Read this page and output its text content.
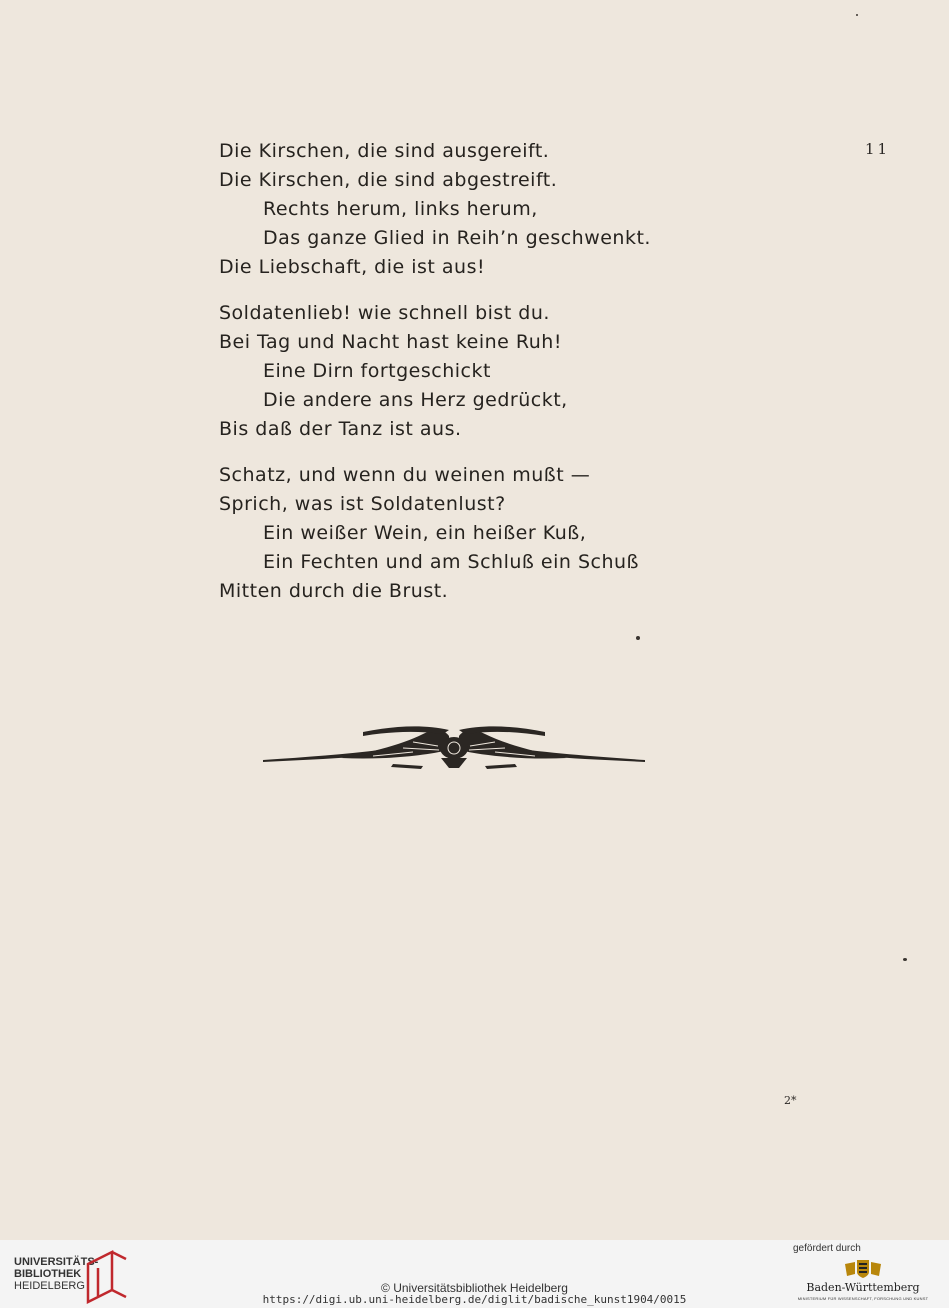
11
Die Kirschen, die sind ausgereift.
Die Kirschen, die sind abgestreift.
Rechts herum, links herum,
Das ganze Glied in Reih’n geschwenkt.
Die Liebschaft, die ist aus!
Soldatenlieb! wie schnell bist du.
Bei Tag und Nacht hast keine Ruh!
Eine Dirn fortgeschickt
Die andere ans Herz gedrückt,
Bis daß der Tanz ist aus.
Schatz, und wenn du weinen mußt —
Sprich, was ist Soldatenlust?
Ein weißer Wein, ein heißer Kuß,
Ein Fechten und am Schluß ein Schuß
Mitten durch die Brust.
2*
UNIVERSITÄTS-
BIBLIOTHEK
HEIDELBERG	© Universitätsbibliothek Heidelberg
https://digi.ub.uni-heidelberg.de/diglit/badische_kunst1904/0015
gefördert durch
Baden-Württemberg
MINISTERIUM FÜR WISSENSCHAFT, FORSCHUNG UND KUNST
